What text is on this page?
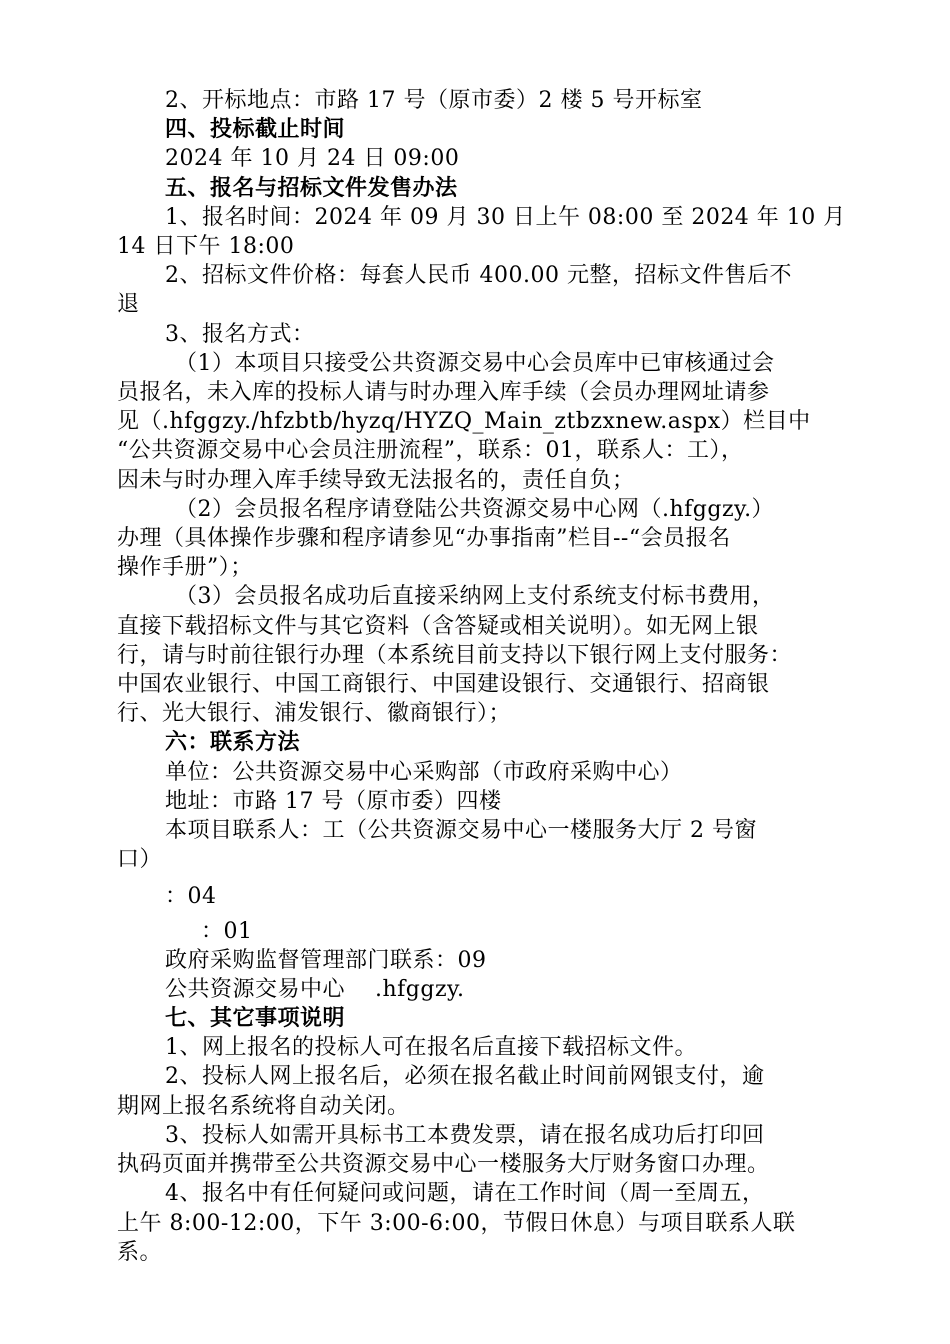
2、开标地点：市路 17 号（原市委）2 楼 5 号开标室
四、投标截止时间
2024 年 10 月 24 日 09:00
五、报名与招标文件发售办法
1、报名时间：2024 年 09 月 30 日上午 08:00 至 2024 年 10 月
14 日下午 18:00
2、招标文件价格：每套人民币 400.00 元整，招标文件售后不
退
3、报名方式：
（1）本项目只接受公共资源交易中心会员库中已审核通过会
员报名，未入库的投标人请与时办理入库手续（会员办理网址请参
见（.hfggzy./hfzbtb/hyzq/HYZQ_Main_ztbzxnew.aspx）栏目中
“公共资源交易中心会员注册流程”，联系：01，联系人：工），
因未与时办理入库手续导致无法报名的，责任自负；
（2）会员报名程序请登陆公共资源交易中心网（.hfggzy.）
办理（具体操作步骤和程序请参见“办事指南”栏目--“会员报名
操作手册”）；
（3）会员报名成功后直接采纳网上支付系统支付标书费用，
直接下载招标文件与其它资料（含答疑或相关说明）。如无网上银
行，请与时前往银行办理（本系统目前支持以下银行网上支付服务：
中国农业银行、中国工商银行、中国建设银行、交通银行、招商银
行、光大银行、浦发银行、徽商银行）；
六：联系方法
单位：公共资源交易中心采购部（市政府采购中心）
地址：市路 17 号（原市委）四楼
本项目联系人：工（公共资源交易中心一楼服务大厅 2 号窗
口）
：04
：01
政府采购监督管理部门联系：09
公共资源交易中心    .hfggzy.
七、其它事项说明
1、网上报名的投标人可在报名后直接下载招标文件。
2、投标人网上报名后，必须在报名截止时间前网银支付，逾
期网上报名系统将自动关闭。
3、投标人如需开具标书工本费发票，请在报名成功后打印回
执码页面并携带至公共资源交易中心一楼服务大厅财务窗口办理。
4、报名中有任何疑问或问题，请在工作时间（周一至周五，
上午 8:00-12:00，下午 3:00-6:00，节假日休息）与项目联系人联
系。
